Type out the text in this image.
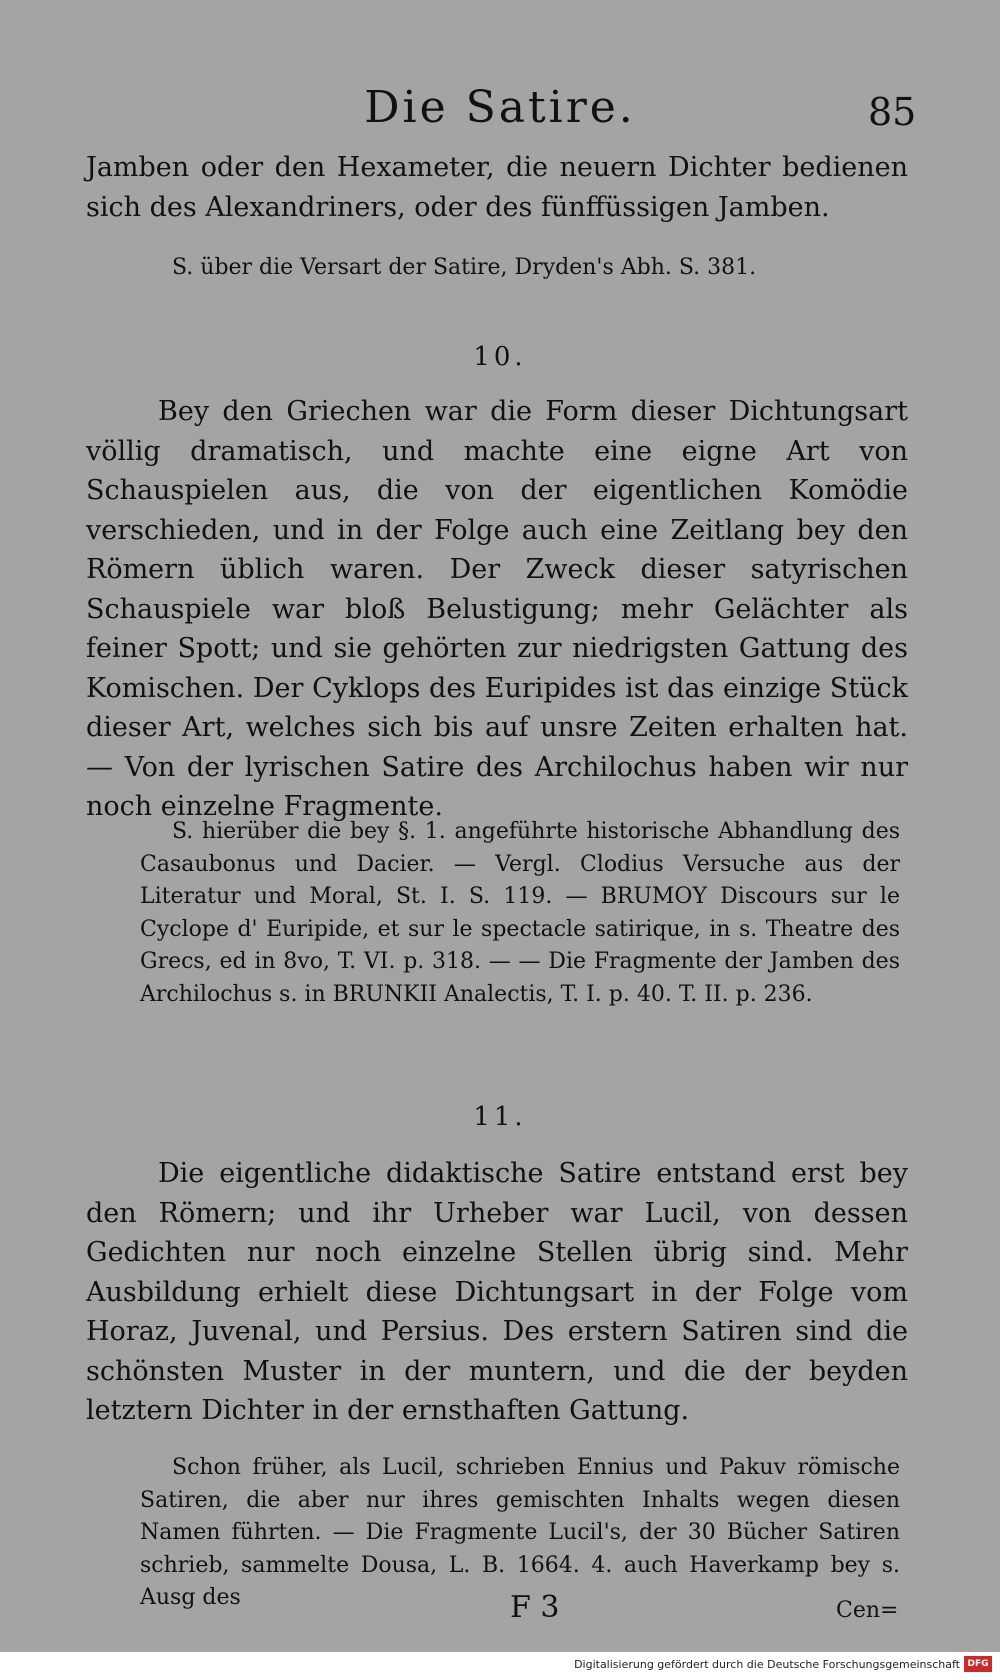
Die Satire.	85

Jamben oder den Hexameter, die neuern Dichter bedienen sich des Alexandriners, oder des fünffüssigen Jamben.

S. über die Versart der Satire, Dryden's Abh. S. 381.

10.

Bey den Griechen war die Form dieser Dichtungsart völlig dramatisch, und machte eine eigne Art von Schauspielen aus, die von der eigentlichen Komödie verschieden, und in der Folge auch eine Zeitlang bey den Römern üblich waren. Der Zweck dieser satyrischen Schauspiele war bloß Belustigung; mehr Gelächter als feiner Spott; und sie gehörten zur niedrigsten Gattung des Komischen. Der Cyklops des Euripides ist das einzige Stück dieser Art, welches sich bis auf unsre Zeiten erhalten hat. — Von der lyrischen Satire des Archilochus haben wir nur noch einzelne Fragmente.

S. hierüber die bey §. 1. angeführte historische Abhandlung des Casaubonus und Dacier. — Vergl. Clodius Versuche aus der Literatur und Moral, St. I. S. 119. — BRUMOY Discours sur le Cyclope d' Euripide, et sur le spectacle satirique, in s. Theatre des Grecs, ed in 8vo, T. VI. p. 318. — — Die Fragmente der Jamben des Archilochus s. in BRUNKII Analectis, T. I. p. 40. T. II. p. 236.

11.

Die eigentliche didaktische Satire entstand erst bey den Römern; und ihr Urheber war Lucil, von dessen Gedichten nur noch einzelne Stellen übrig sind. Mehr Ausbildung erhielt diese Dichtungsart in der Folge vom Horaz, Juvenal, und Persius. Des erstern Satiren sind die schönsten Muster in der muntern, und die der beyden letztern Dichter in der ernsthaften Gattung.

Schon früher, als Lucil, schrieben Ennius und Pakuv römische Satiren, die aber nur ihres gemischten Inhalts wegen diesen Namen führten. — Die Fragmente Lucil's, der 30 Bücher Satiren schrieb, sammelte Dousa, L. B. 1664. 4. auch Haverkamp bey s. Ausg des	F 3	Cen=
Digitalisierung gefördert durch die Deutsche Forschungsgemeinschaft DFG
